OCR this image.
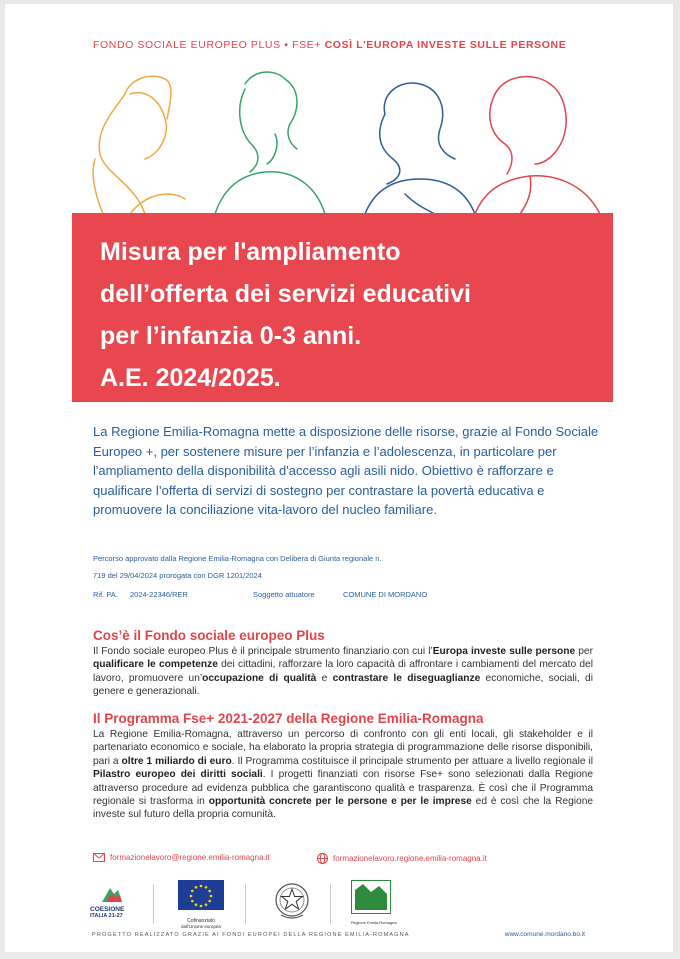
FONDO SOCIALE EUROPEO PLUS ▪ FSE+ COSÌ L'EUROPA INVESTE SULLE PERSONE
Misura per l'ampliamento
dell’offerta dei servizi educativi
per l’infanzia 0-3 anni.
A.E. 2024/2025.

La Regione Emilia-Romagna mette a disposizione delle risorse, grazie al Fondo Sociale Europeo +, per sostenere misure per l’infanzia e l’adolescenza, in particolare per l'ampliamento della disponibilità d'accesso agli asili nido. Obiettivo è rafforzare e qualificare l’offerta di servizi di sostegno per contrastare la povertà educativa e promuovere la conciliazione vita-lavoro del nucleo familiare.

Percorso approvato dalla Regione Emilia-Romagna con Delibera di Giunta regionale n.
719 del 29/04/2024 prorogata con DGR 1201/2024
Rif. PA. 2024-22346/RER	Soggetto attuatore	COMUNE DI MORDANO
Cos’è il Fondo sociale europeo Plus

Il Fondo sociale europeo Plus è il principale strumento finanziario con cui l’Europa investe sulle persone per qualificare le competenze dei cittadini, rafforzare la loro capacità di affrontare i cambiamenti del mercato del lavoro, promuovere un’occupazione di qualità e contrastare le diseguaglianze economiche, sociali, di genere e generazionali.

Il Programma Fse+ 2021-2027 della Regione Emilia-Romagna

La Regione Emilia-Romagna, attraverso un percorso di confronto con gli enti locali, gli stakeholder e il partenariato economico e sociale, ha elaborato la propria strategia di programmazione delle risorse disponibili, pari a oltre 1 miliardo di euro. Il Programma costituisce il principale strumento per attuare a livello regionale il Pilastro europeo dei diritti sociali. I progetti finanziati con risorse Fse+ sono selezionati dalla Regione attraverso procedure ad evidenza pubblica che garantiscono qualità e trasparenza. È così che il Programma regionale si trasforma in opportunità concrete per le persone e per le imprese ed è così che la Regione investe sul futuro della propria comunità.

formazionelavoro@regione.emilia-romagna.it	formazionelavoro.regione.emilia-romagna.it
COESIONE
ITALIA 21-27
Cofinanziato
dall'Unione europea
Regione Emilia-Romagna
PROGETTO REALIZZATO GRAZIE AI FONDI EUROPEI DELLA REGIONE EMILIA-ROMAGNA	www.comune.mordano.bo.it
